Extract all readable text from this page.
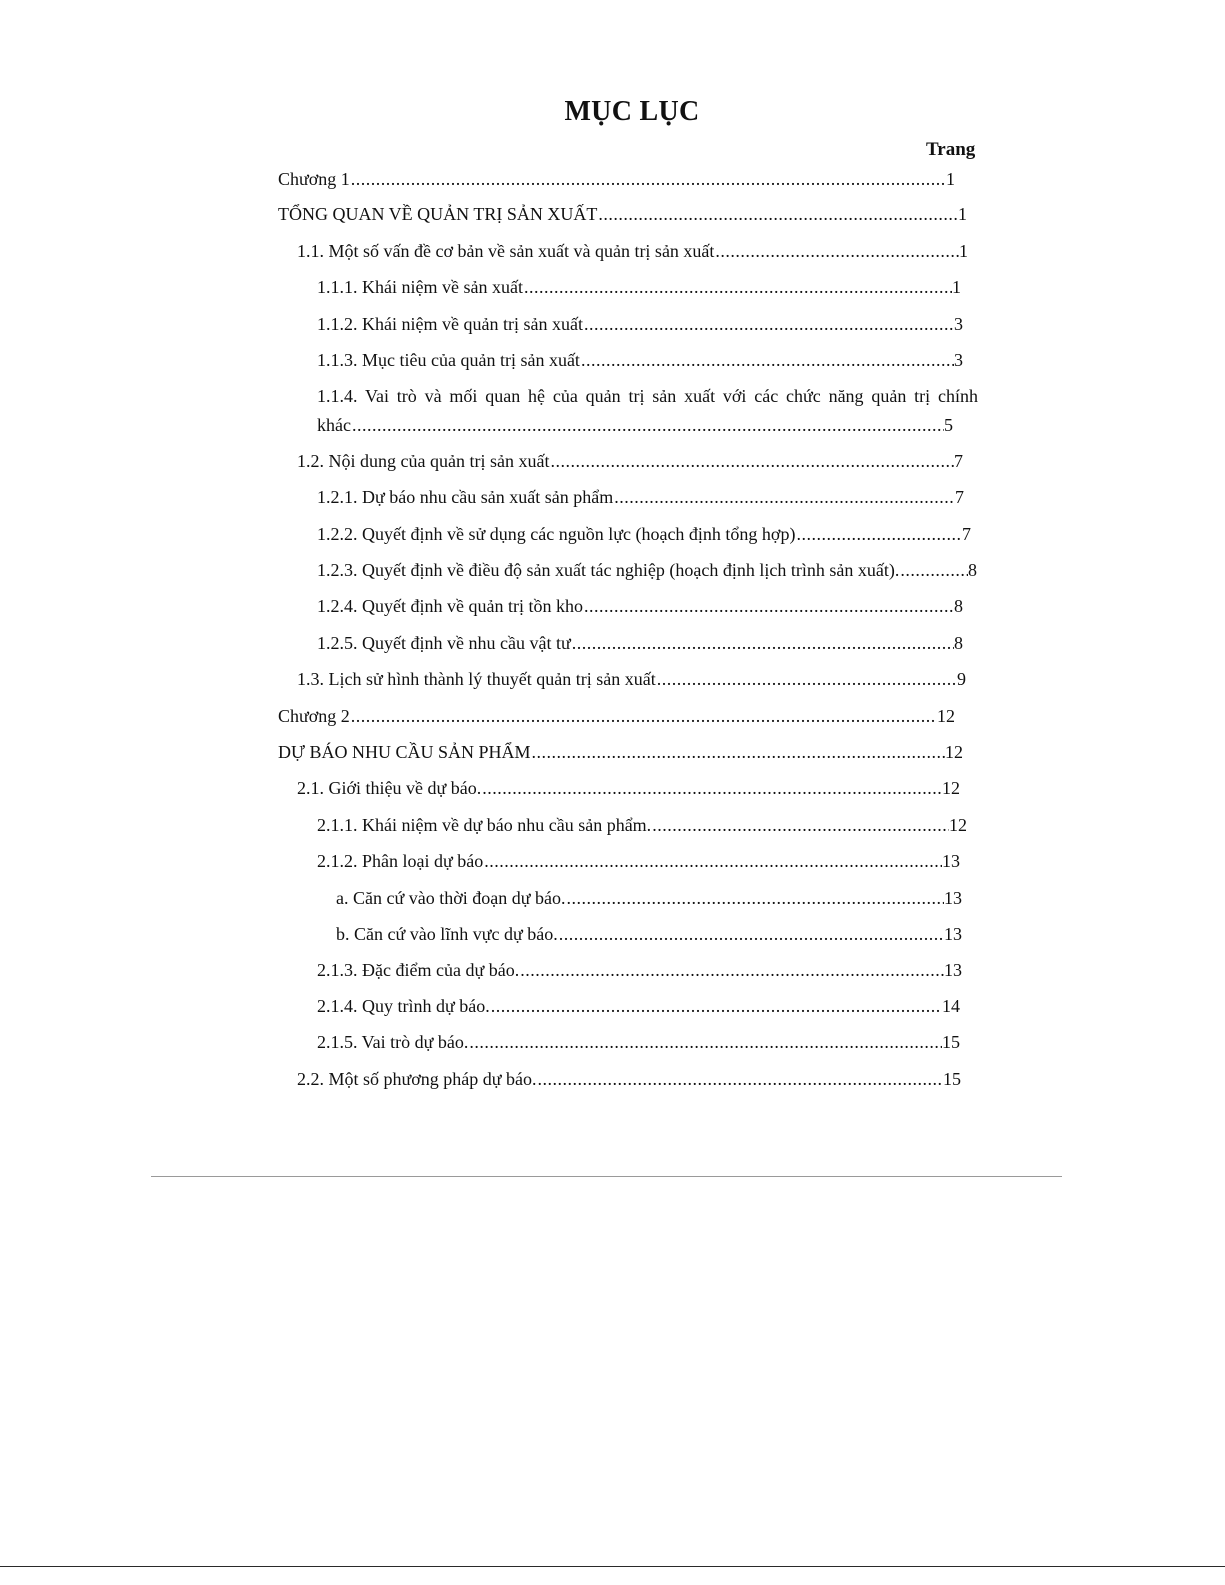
MỤC LỤC
Trang
Chương 1 .....	1
TỔNG QUAN VỀ QUẢN TRỊ SẢN XUẤT .....	1
1.1. Một số vấn đề cơ bản về sản xuất và quản trị sản xuất .....	1
1.1.1. Khái niệm về sản xuất .....	1
1.1.2. Khái niệm về quản trị sản xuất .....	3
1.1.3. Mục tiêu của quản trị sản xuất .....	3
1.1.4. Vai trò và mối quan hệ của quản trị sản xuất với các chức năng quản trị chính
khác .....	5
1.2. Nội dung của quản trị sản xuất .....	7
1.2.1. Dự báo nhu cầu sản xuất sản phẩm .....	7
1.2.2. Quyết định về sử dụng các nguồn lực (hoạch định tổng hợp) .....	7
1.2.3. Quyết định về điều độ sản xuất tác nghiệp (hoạch định lịch trình sản xuất). .....	8
1.2.4. Quyết định về quản trị tồn kho .....	8
1.2.5. Quyết định về nhu cầu vật tư .....	8
1.3. Lịch sử hình thành lý thuyết quản trị sản xuất .....	9
Chương 2 .....	12
DỰ BÁO NHU CẦU SẢN PHẨM .....	12
2.1. Giới thiệu về dự báo. .....	12
2.1.1. Khái niệm về dự báo nhu cầu sản phẩm. .....	12
2.1.2. Phân loại dự báo .....	13
a. Căn cứ vào thời đoạn dự báo. .....	13
b. Căn cứ vào lĩnh vực dự báo. .....	13
2.1.3. Đặc điểm của dự báo. .....	13
2.1.4. Quy trình dự báo. .....	14
2.1.5. Vai trò dự báo. .....	15
2.2. Một số phương pháp dự báo. .....	15
